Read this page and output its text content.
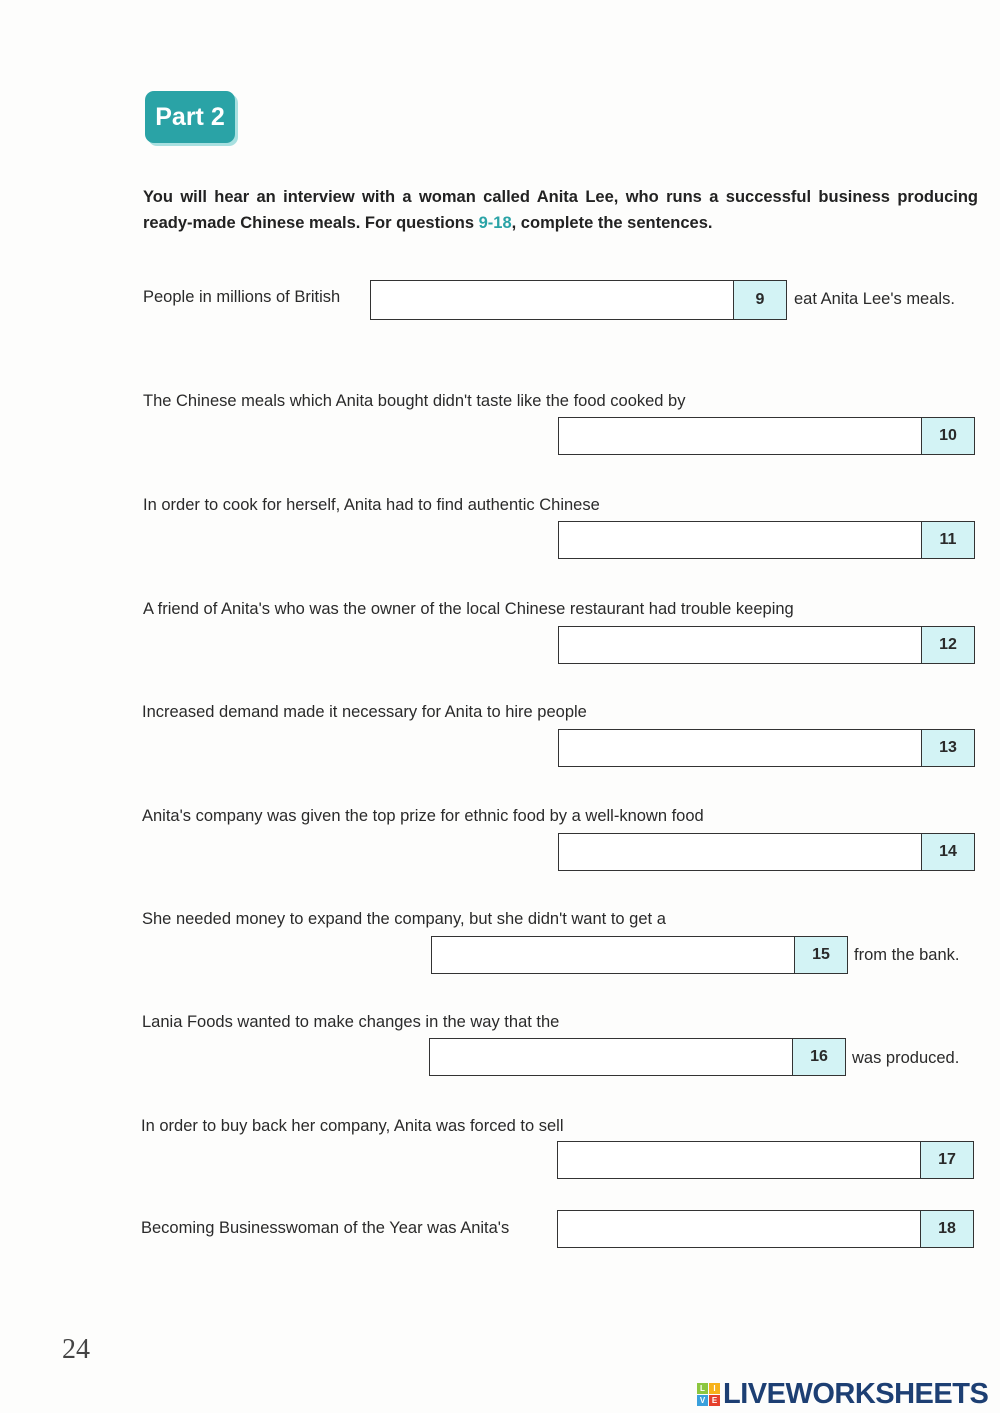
Part 2
You will hear an interview with a woman called Anita Lee, who runs a successful business producing ready-made Chinese meals. For questions 9-18, complete the sentences.
People in millions of British	9	eat Anita Lee's meals.
The Chinese meals which Anita bought didn't taste like the food cooked by
10
In order to cook for herself, Anita had to find authentic Chinese
11
A friend of Anita's who was the owner of the local Chinese restaurant had trouble keeping
12
Increased demand made it necessary for Anita to hire people
13
Anita's company was given the top prize for ethnic food by a well-known food
14
She needed money to expand the company, but she didn't want to get a
15	from the bank.
Lania Foods wanted to make changes in the way that the
16	was produced.
In order to buy back her company, Anita was forced to sell
17
Becoming Businesswoman of the Year was Anita's	18
24
L	I
V E LIVEWORKSHEETS
